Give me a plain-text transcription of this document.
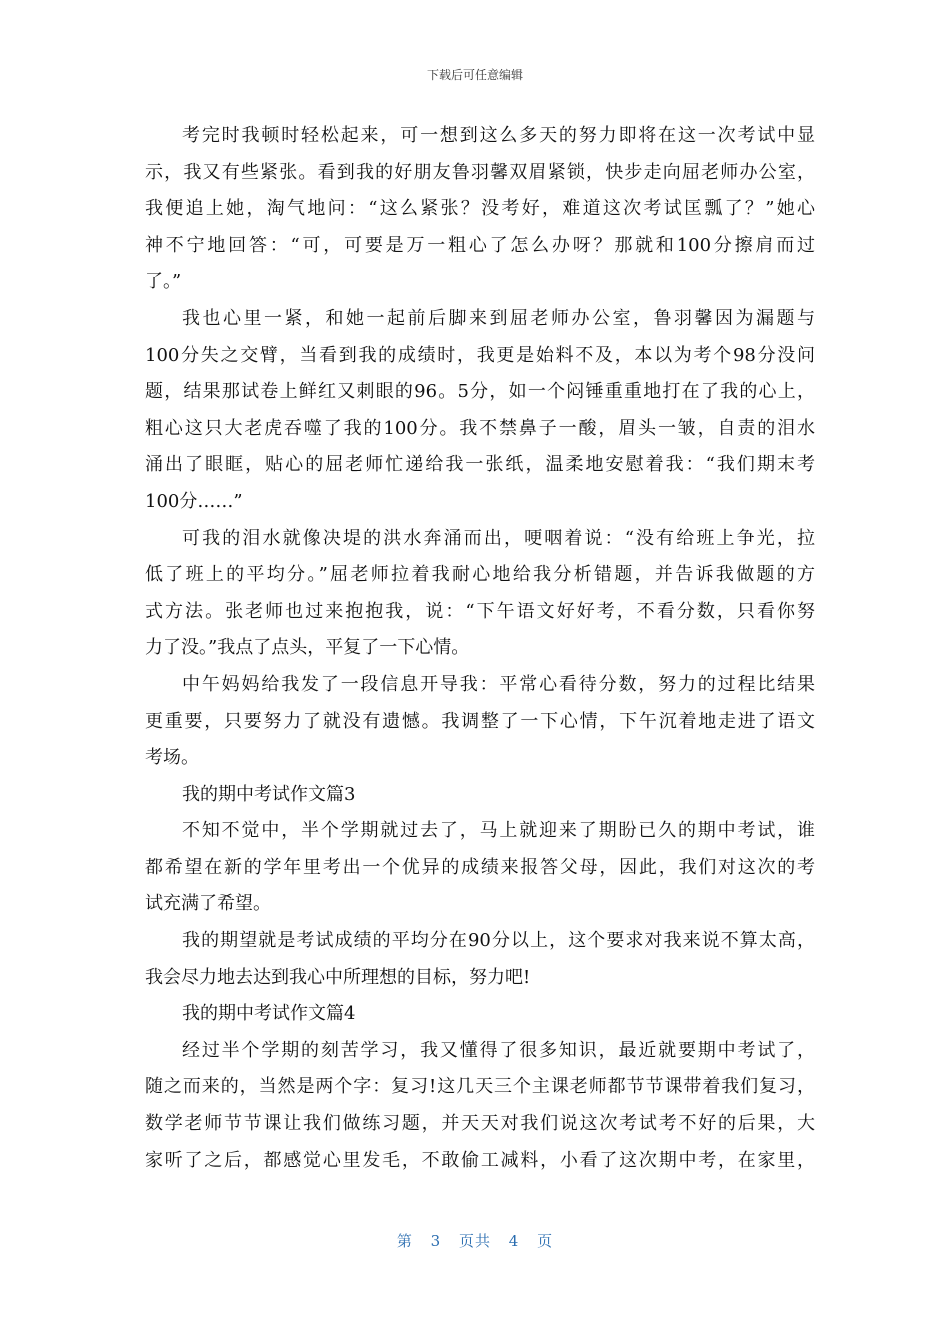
下载后可任意编辑
考完时我顿时轻松起来，可一想到这么多天的努力即将在这一次考试中显
示，我又有些紧张。看到我的好朋友鲁羽馨双眉紧锁，快步走向屈老师办公室，
我便追上她，淘气地问：“这么紧张？没考好，难道这次考试匡瓢了？”她心
神不宁地回答：“可，可要是万一粗心了怎么办呀？那就和100分擦肩而过
了。”
我也心里一紧，和她一起前后脚来到屈老师办公室，鲁羽馨因为漏题与
100分失之交臂，当看到我的成绩时，我更是始料不及，本以为考个98分没问
题，结果那试卷上鲜红又刺眼的96。5分，如一个闷锤重重地打在了我的心上，
粗心这只大老虎吞噬了我的100分。我不禁鼻子一酸，眉头一皱，自责的泪水
涌出了眼眶，贴心的屈老师忙递给我一张纸，温柔地安慰着我：“我们期末考
100分……”
可我的泪水就像决堤的洪水奔涌而出，哽咽着说：“没有给班上争光，拉
低了班上的平均分。”屈老师拉着我耐心地给我分析错题，并告诉我做题的方
式方法。张老师也过来抱抱我，说：“下午语文好好考，不看分数，只看你努
力了没。”我点了点头，平复了一下心情。
中午妈妈给我发了一段信息开导我：平常心看待分数，努力的过程比结果
更重要，只要努力了就没有遗憾。我调整了一下心情，下午沉着地走进了语文
考场。
我的期中考试作文篇3
不知不觉中，半个学期就过去了，马上就迎来了期盼已久的期中考试，谁
都希望在新的学年里考出一个优异的成绩来报答父母，因此，我们对这次的考
试充满了希望。
我的期望就是考试成绩的平均分在90分以上，这个要求对我来说不算太高，
我会尽力地去达到我心中所理想的目标，努力吧!
我的期中考试作文篇4
经过半个学期的刻苦学习，我又懂得了很多知识，最近就要期中考试了，
随之而来的，当然是两个字：复习!这几天三个主课老师都节节课带着我们复习，
数学老师节节课让我们做练习题，并天天对我们说这次考试考不好的后果，大
家听了之后，都感觉心里发毛，不敢偷工减料，小看了这次期中考，在家里，
第 3 页共 4 页
